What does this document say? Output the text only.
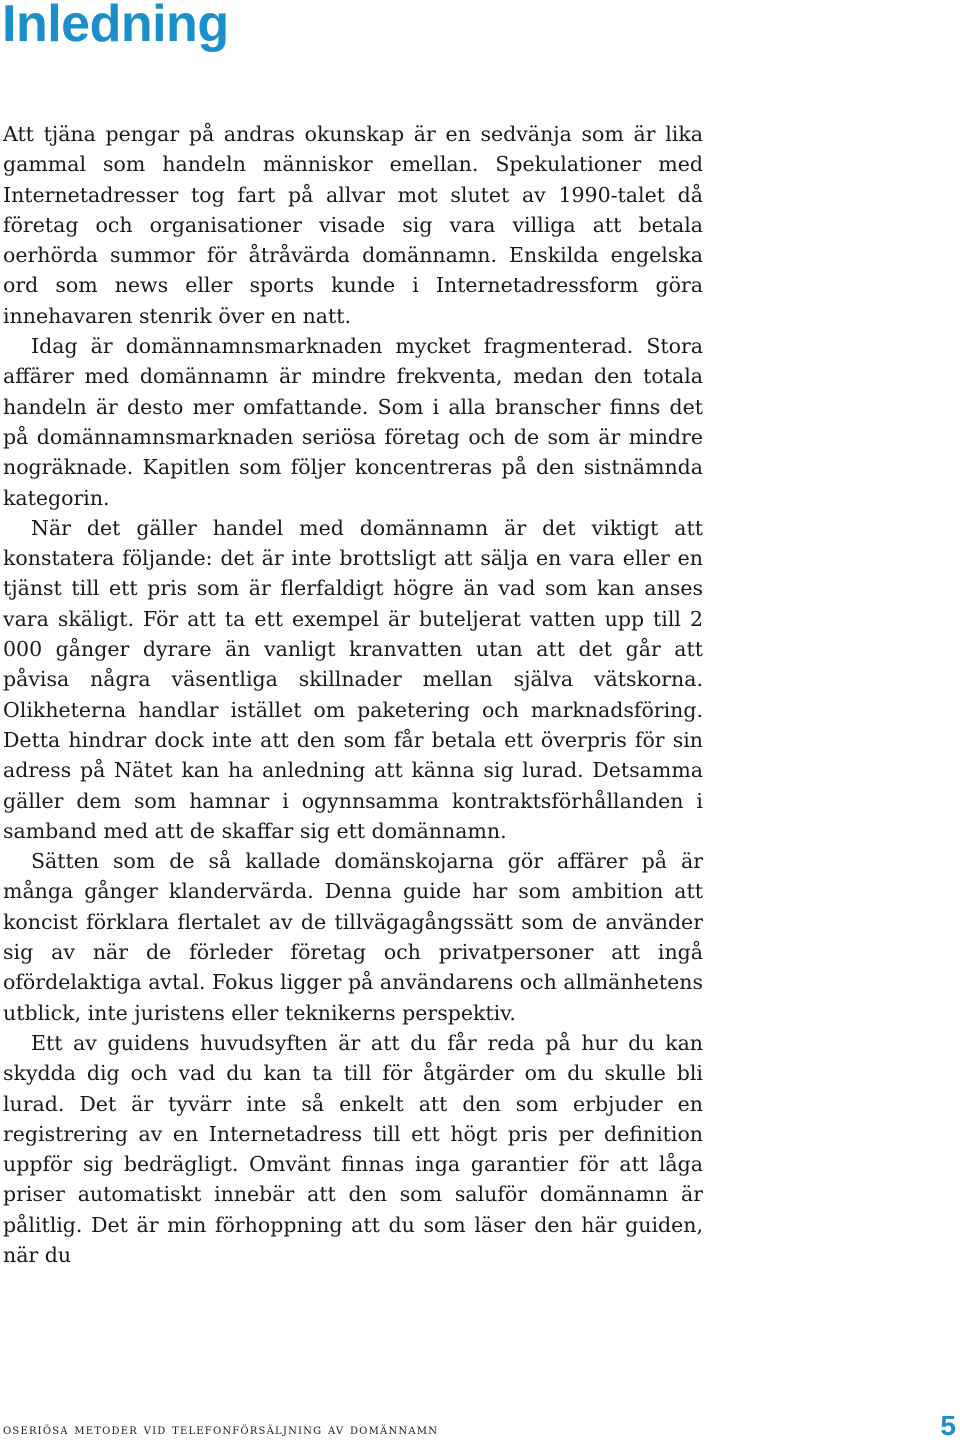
Inledning

Att tjäna pengar på andras okunskap är en sedvänja som är lika gammal som handeln människor emellan. Spekulationer med Internetadresser tog fart på allvar mot slutet av 1990-talet då företag och organisationer visade sig vara villiga att betala oerhörda summor för åtråvärda domännamn. Enskilda engelska ord som news eller sports kunde i Internetadressform göra innehavaren stenrik över en natt.

Idag är domännamnsmarknaden mycket fragmenterad. Stora affärer med domännamn är mindre frekventa, medan den totala handeln är desto mer omfattande. Som i alla branscher finns det på domännamnsmarknaden seriösa företag och de som är mindre nogräknade. Kapitlen som följer koncentreras på den sistnämnda kategorin.

När det gäller handel med domännamn är det viktigt att konstatera följande: det är inte brottsligt att sälja en vara eller en tjänst till ett pris som är flerfaldigt högre än vad som kan anses vara skäligt. För att ta ett exempel är buteljerat vatten upp till 2 000 gånger dyrare än vanligt kranvatten utan att det går att påvisa några väsentliga skillnader mellan själva vätskorna. Olikheterna handlar istället om paketering och marknadsföring. Detta hindrar dock inte att den som får betala ett överpris för sin adress på Nätet kan ha anledning att känna sig lurad. Detsamma gäller dem som hamnar i ogynnsamma kontraktsförhållanden i samband med att de skaffar sig ett domännamn.

Sätten som de så kallade domänskojarna gör affärer på är många gånger klandervärda. Denna guide har som ambition att koncist förklara flertalet av de tillvägagångssätt som de använder sig av när de förleder företag och privatpersoner att ingå ofördelaktiga avtal. Fokus ligger på användarens och allmänhetens utblick, inte juristens eller teknikerns perspektiv.

Ett av guidens huvudsyften är att du får reda på hur du kan skydda dig och vad du kan ta till för åtgärder om du skulle bli lurad. Det är tyvärr inte så enkelt att den som erbjuder en registrering av en Internetadress till ett högt pris per definition uppför sig bedrägligt. Omvänt finnas inga garantier för att låga priser automatiskt innebär att den som saluför domännamn är pålitlig. Det är min förhoppning att du som läser den här guiden, när du

oseriösa metoder vid telefonförsäljning av domännamn	5
